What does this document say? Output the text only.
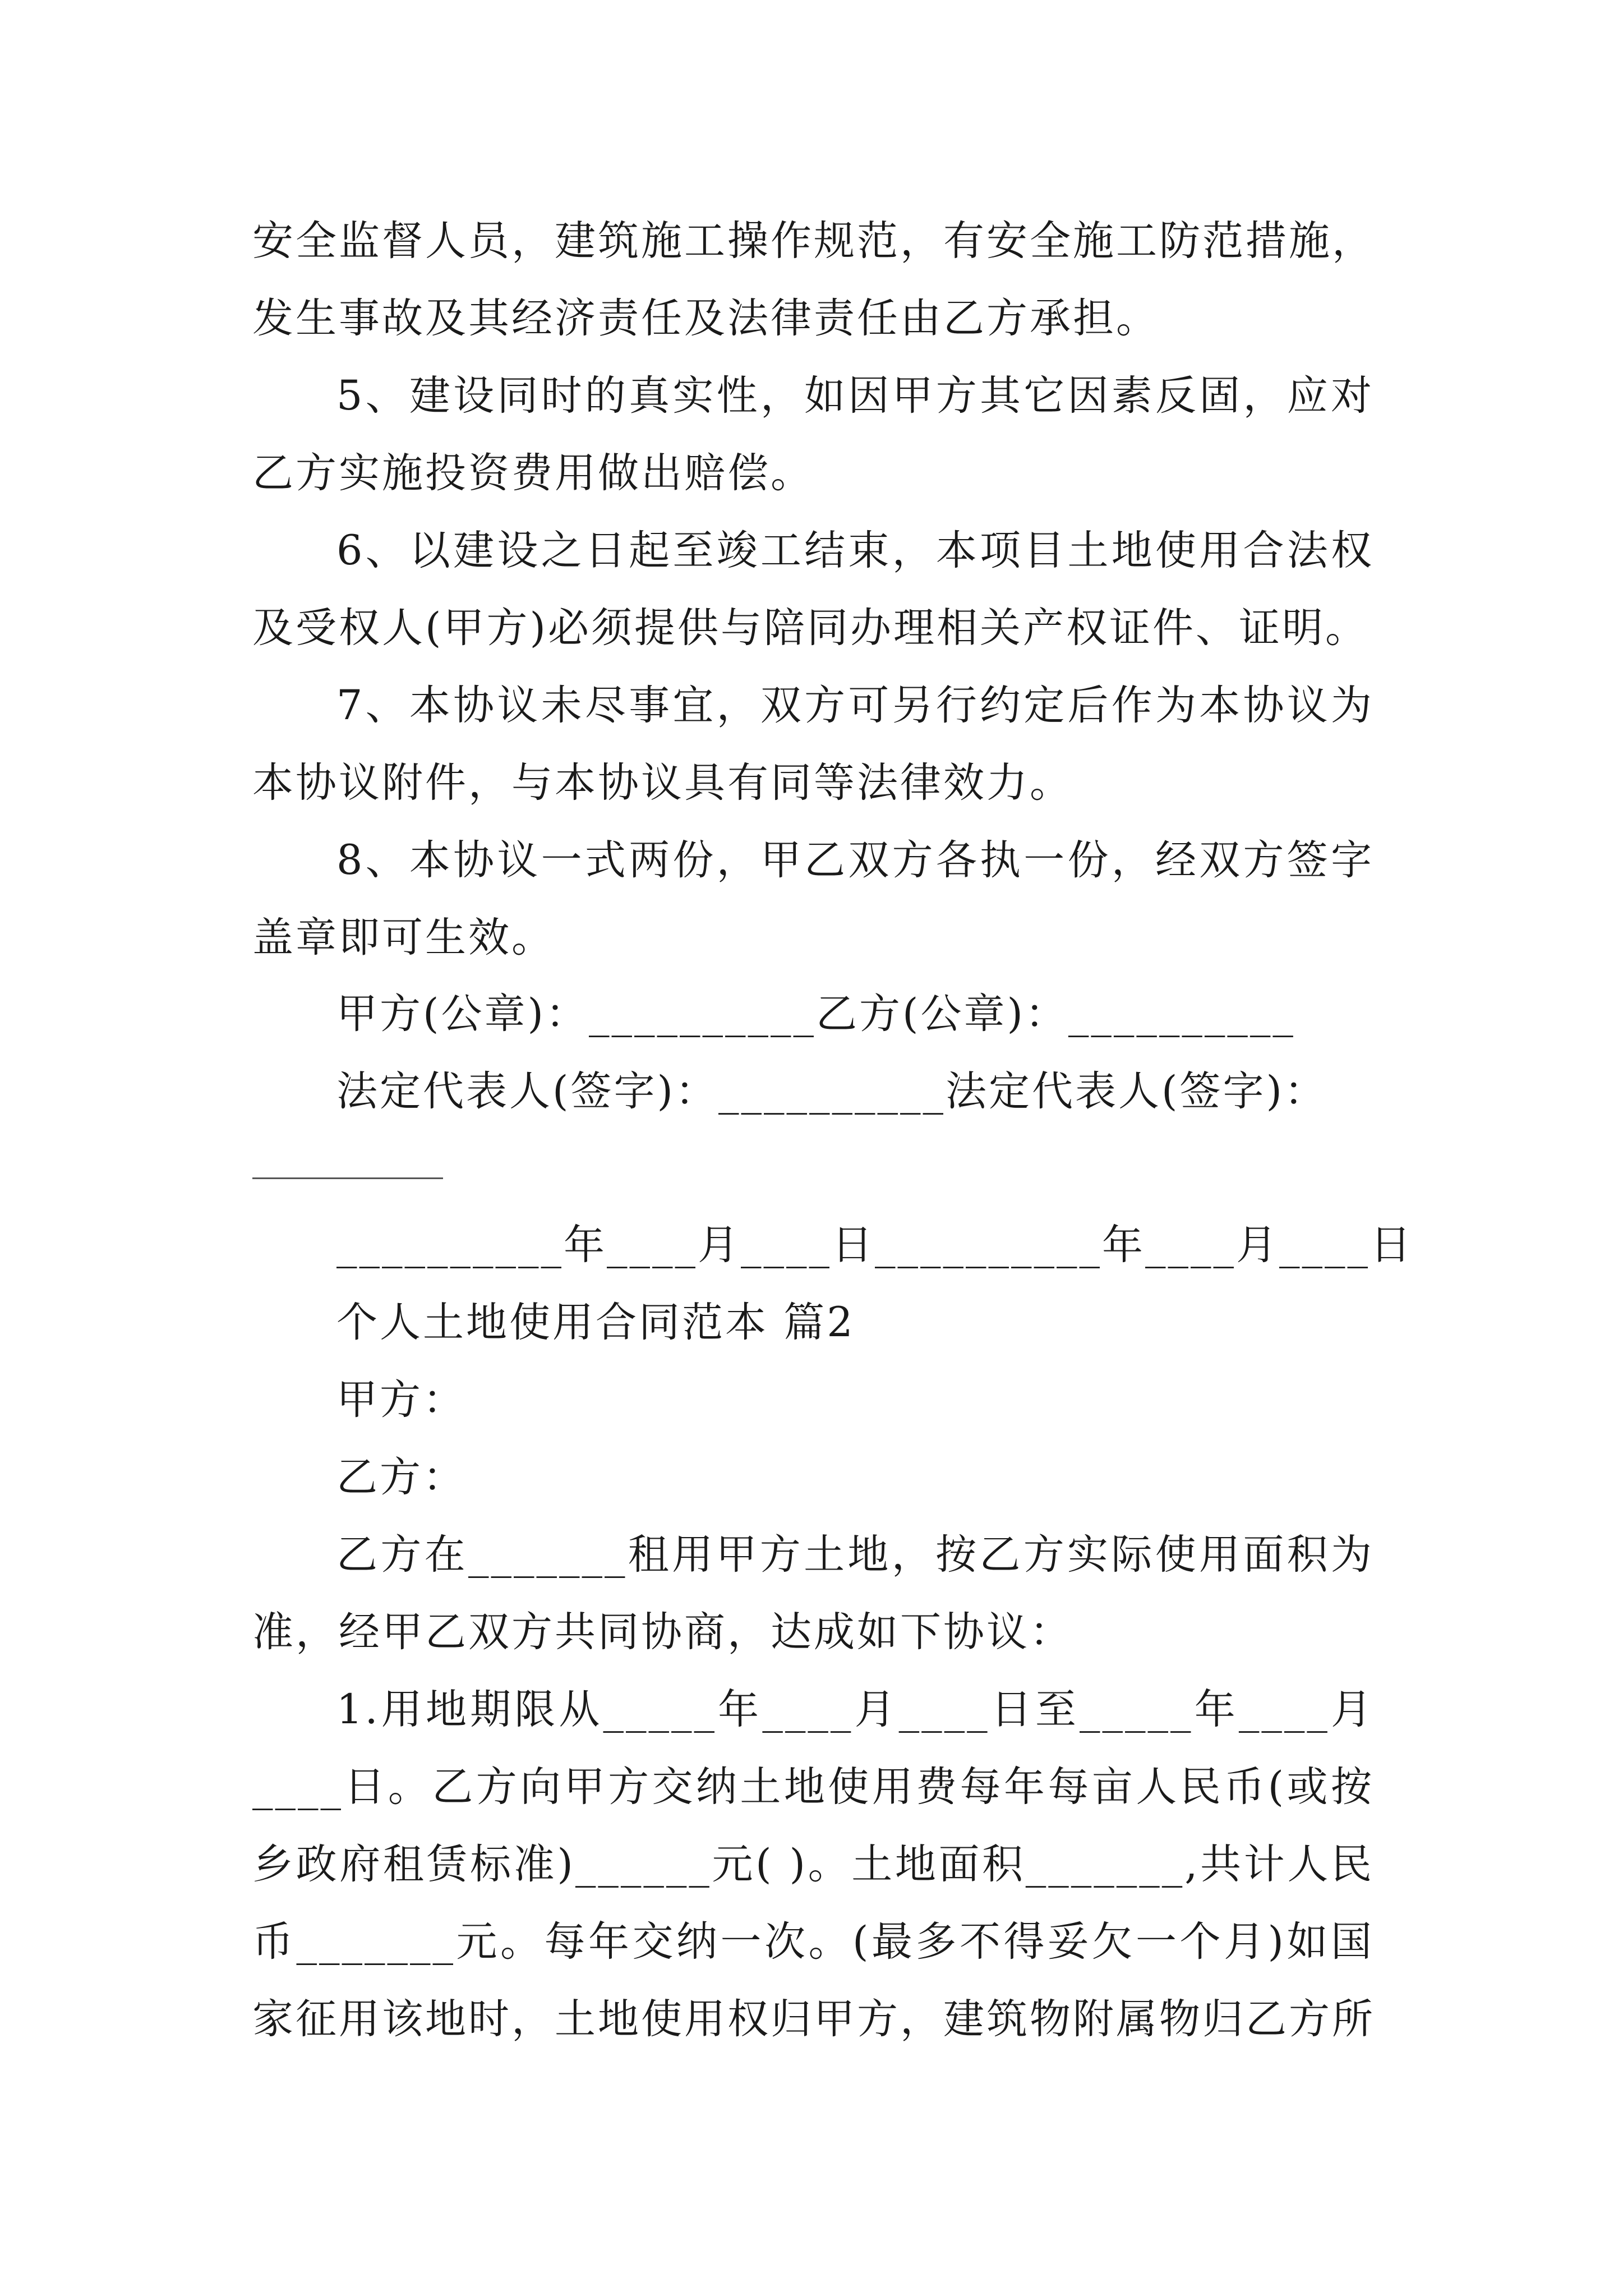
安全监督人员，建筑施工操作规范，有安全施工防范措施，
发生事故及其经济责任及法律责任由乙方承担。
5、建设同时的真实性，如因甲方其它因素反固，应对
乙方实施投资费用做出赔偿。
6、以建设之日起至竣工结束，本项目土地使用合法权
及受权人(甲方)必须提供与陪同办理相关产权证件、证明。
7、本协议未尽事宜，双方可另行约定后作为本协议为
本协议附件，与本协议具有同等法律效力。
8、本协议一式两份，甲乙双方各执一份，经双方签字
盖章即可生效。
甲方(公章)：__________乙方(公章)：__________
法定代表人(签字)：__________法定代表人(签字)：
__________年____月____日__________年____月____日
个人土地使用合同范本 篇2
甲方：
乙方：
乙方在_______租用甲方土地，按乙方实际使用面积为
准，经甲乙双方共同协商，达成如下协议：
1.用地期限从_____年____月____日至_____年____月
____日。乙方向甲方交纳土地使用费每年每亩人民币(或按
乡政府租赁标准)______元( )。土地面积_______,共计人民
币_______元。每年交纳一次。(最多不得妥欠一个月)如国
家征用该地时，土地使用权归甲方，建筑物附属物归乙方所
